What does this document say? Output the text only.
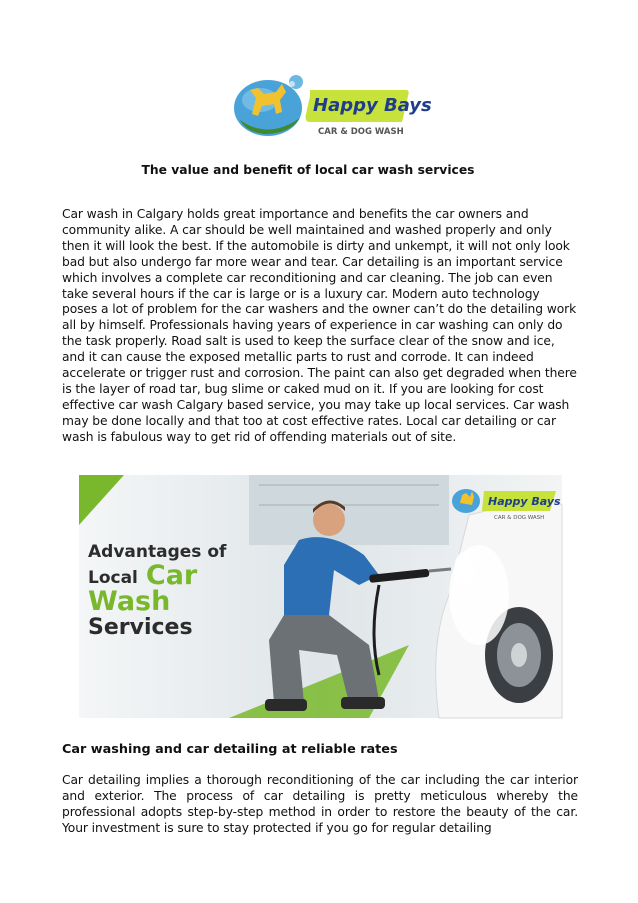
Happy Bays
CAR & DOG WASH
The value and benefit of local car wash services

Car wash in Calgary holds great importance and benefits the car owners and community alike. A car should be well maintained and washed properly and only then it will look the best. If the automobile is dirty and unkempt, it will not only look bad but also undergo far more wear and tear. Car detailing is an important service which involves a complete car reconditioning and car cleaning. The job can even take several hours if the car is large or is a luxury car. Modern auto technology poses a lot of problem for the car washers and the owner can’t do the detailing work all by himself. Professionals having years of experience in car washing can only do the task properly. Road salt is used to keep the surface clear of the snow and ice, and it can cause the exposed metallic parts to rust and corrode. It can indeed accelerate or trigger rust and corrosion. The paint can also get degraded when there is the layer of road tar, bug slime or caked mud on it. If you are looking for cost effective car wash Calgary based service, you may take up local services. Car wash may be done locally and that too at cost effective rates. Local car detailing or car wash is fabulous way to get rid of offending materials out of site.

Advantages of
Local Car
Wash
Services
Happy Bays
CAR & DOG WASH
Car washing and car detailing at reliable rates

Car detailing implies a thorough reconditioning of the car including the car interior and exterior. The process of car detailing is pretty meticulous whereby the professional adopts step-by-step method in order to restore the beauty of the car. Your investment is sure to stay protected if you go for regular detailing
